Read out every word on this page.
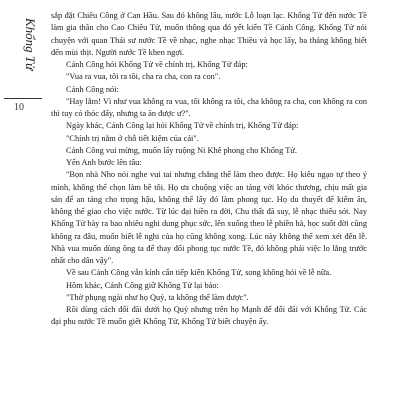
Khổng Tử
10

sắp đặt Chiêu Công ở Can Hầu. Sau đó không lâu, nước Lỗ loạn lạc. Khổng Tử đến nước Tề làm gia thần cho Cao Chiêu Tử, muốn thông qua đó yết kiến Tề Cảnh Công. Khổng Tử nói chuyện với quan Thái sư nước Tề về nhạc, nghe nhạc Thiều và học lấy, ba tháng không biết đến mùi thịt. Người nước Tề khen ngợi.

Cảnh Công hỏi Khổng Tử về chính trị, Khổng Tử đáp:

"Vua ra vua, tôi ra tôi, cha ra cha, con ra con".

Cảnh Công nói:

"Hay lắm! Vì như vua không ra vua, tôi không ra tôi, cha không ra cha, con không ra con thì tuy có thóc đấy, nhưng ta ăn được ư?".

Ngày khác, Cảnh Công lại hỏi Khổng Tử về chính trị, Khổng Tử đáp:

"Chính trị nằm ở chỗ tiết kiệm của cải".

Cảnh Công vui mừng, muốn lấy ruộng Ni Khê phong cho Khổng Tử.

Yến Anh bước lên tâu:

"Bọn nhà Nho nói nghe vui tai nhưng chẳng thể làm theo được. Họ kiêu ngạo tự theo ý mình, không thể chọn làm bề tôi. Họ ưa chuộng việc an táng với khóc thương, chịu mất gia sản để an táng cho trọng hậu, không thể lấy đó làm phong tục. Họ du thuyết để kiếm ăn, không thể giao cho việc nước. Từ lúc đại hiền ra đời, Chu thất đã suy, lễ nhạc thiếu sót. Nay Khổng Tử bày ra bao nhiêu nghi dung phục sức, lên xuống theo lễ phiền hà, học suốt đời cũng không ra đâu, muốn biết lễ nghi của họ cũng không xong. Lúc này không thể xem xét đến lễ. Nhà vua muốn dùng ông ta để thay đổi phong tục nước Tề, đó không phải việc lo lắng trước nhất cho dân vậy".

Về sau Cảnh Công vẫn kính cẩn tiếp kiến Khổng Tử, song không hỏi về lễ nữa.

Hôm khác, Cảnh Công giữ Khổng Tử lại bảo:

"Thờ phụng ngài như họ Quý, ta không thể làm được".

Rồi dùng cách đối đãi dưới họ Quý nhưng trên họ Mạnh để đối đãi với Khổng Tử. Các đại phu nước Tề muốn giết Khổng Tử, Khổng Tử biết chuyện ấy.
